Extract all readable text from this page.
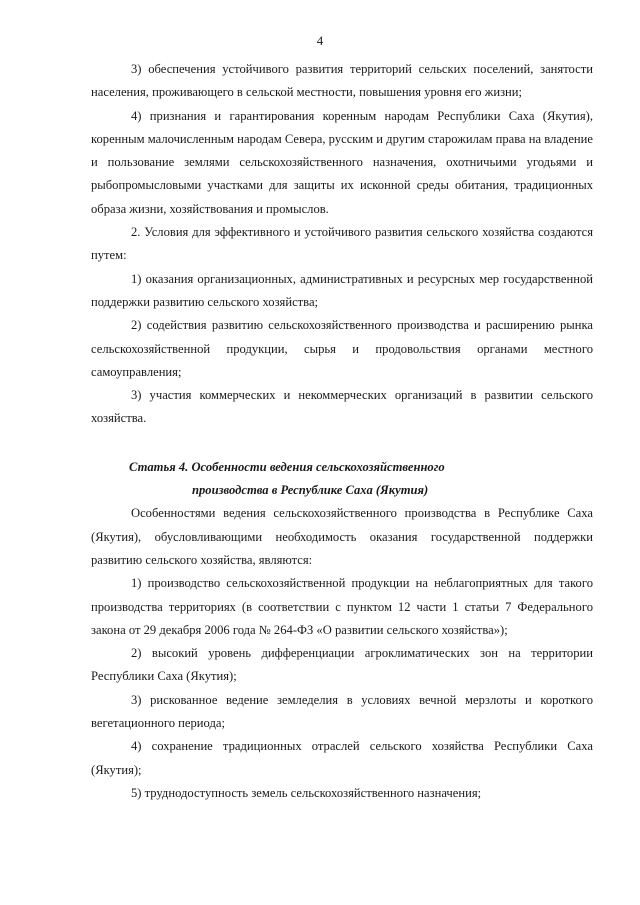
4

3) обеспечения устойчивого развития территорий сельских поселений, занятости населения, проживающего в сельской местности, повышения уровня его жизни;

4) признания и гарантирования коренным народам Республики Саха (Якутия), коренным малочисленным народам Севера, русским и другим старожилам права на владение и пользование землями сельскохозяйственного назначения, охотничьими угодьями и рыбопромысловыми участками для защиты их исконной среды обитания, традиционных образа жизни, хозяйствования и промыслов.

2. Условия для эффективного и устойчивого развития сельского хозяйства создаются путем:

1) оказания организационных, административных и ресурсных мер государственной поддержки развитию сельского хозяйства;

2) содействия развитию сельскохозяйственного производства и расширению рынка сельскохозяйственной продукции, сырья и продовольствия органами местного самоуправления;

3) участия коммерческих и некоммерческих организаций в развитии сельского хозяйства.

Статья 4. Особенности ведения сельскохозяйственного

производства в Республике Саха (Якутия)

Особенностями ведения сельскохозяйственного производства в Республике Саха (Якутия), обусловливающими необходимость оказания государственной поддержки развитию сельского хозяйства, являются:

1) производство сельскохозяйственной продукции на неблагоприятных для такого производства территориях (в соответствии с пунктом 12 части 1 статьи 7 Федерального закона от 29 декабря 2006 года № 264-ФЗ «О развитии сельского хозяйства»);

2) высокий уровень дифференциации агроклиматических зон на территории Республики Саха (Якутия);

3) рискованное ведение земледелия в условиях вечной мерзлоты и короткого вегетационного периода;

4) сохранение традиционных отраслей сельского хозяйства Республики Саха (Якутия);

5) труднодоступность земель сельскохозяйственного назначения;
